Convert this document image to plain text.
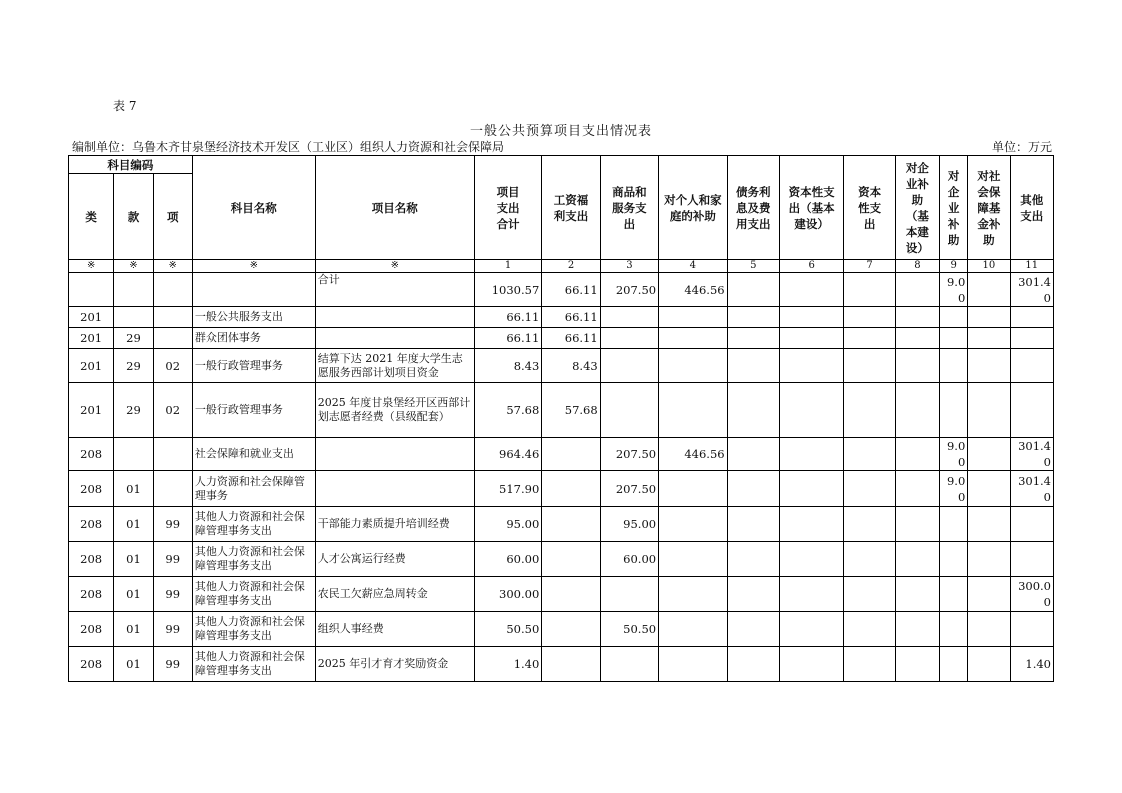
表 7
一般公共预算项目支出情况表
编制单位：乌鲁木齐甘泉堡经济技术开发区（工业区）组织人力资源和社会保障局	单位：万元
科目编码			科目名称	项目名称	项目支出合计	工资福利支出	商品和服务支出	对个人和家庭的补助	债务利息及费用支出	资本性支出（基本建设）	资本性支出	对企业补助（基本建设）	对企业补助	对社会保障基金补助	其他支出
类	款	项													
※	※	※	※	※	1	2	3	4	5	6	7	8	9	10	11
				合计	1030.57	66.11	207.50	446.56					9.00		301.40
201			一般公共服务支出		66.11	66.11									
201	29		群众团体事务		66.11	66.11									
201	29	02	一般行政管理事务	结算下达 2021 年度大学生志愿服务西部计划项目资金	8.43	8.43									
201	29	02	一般行政管理事务	2025 年度甘泉堡经开区西部计划志愿者经费（县级配套）	57.68	57.68									
208			社会保障和就业支出		964.46		207.50	446.56					9.00		301.40
208	01		人力资源和社会保障管理事务		517.90		207.50						9.00		301.40
208	01	99	其他人力资源和社会保障管理事务支出	干部能力素质提升培训经费	95.00		95.00								
208	01	99	其他人力资源和社会保障管理事务支出	人才公寓运行经费	60.00		60.00								
208	01	99	其他人力资源和社会保障管理事务支出	农民工欠薪应急周转金	300.00										300.00
208	01	99	其他人力资源和社会保障管理事务支出	组织人事经费	50.50		50.50								
208	01	99	其他人力资源和社会保障管理事务支出	2025 年引才育才奖励资金	1.40										1.40
